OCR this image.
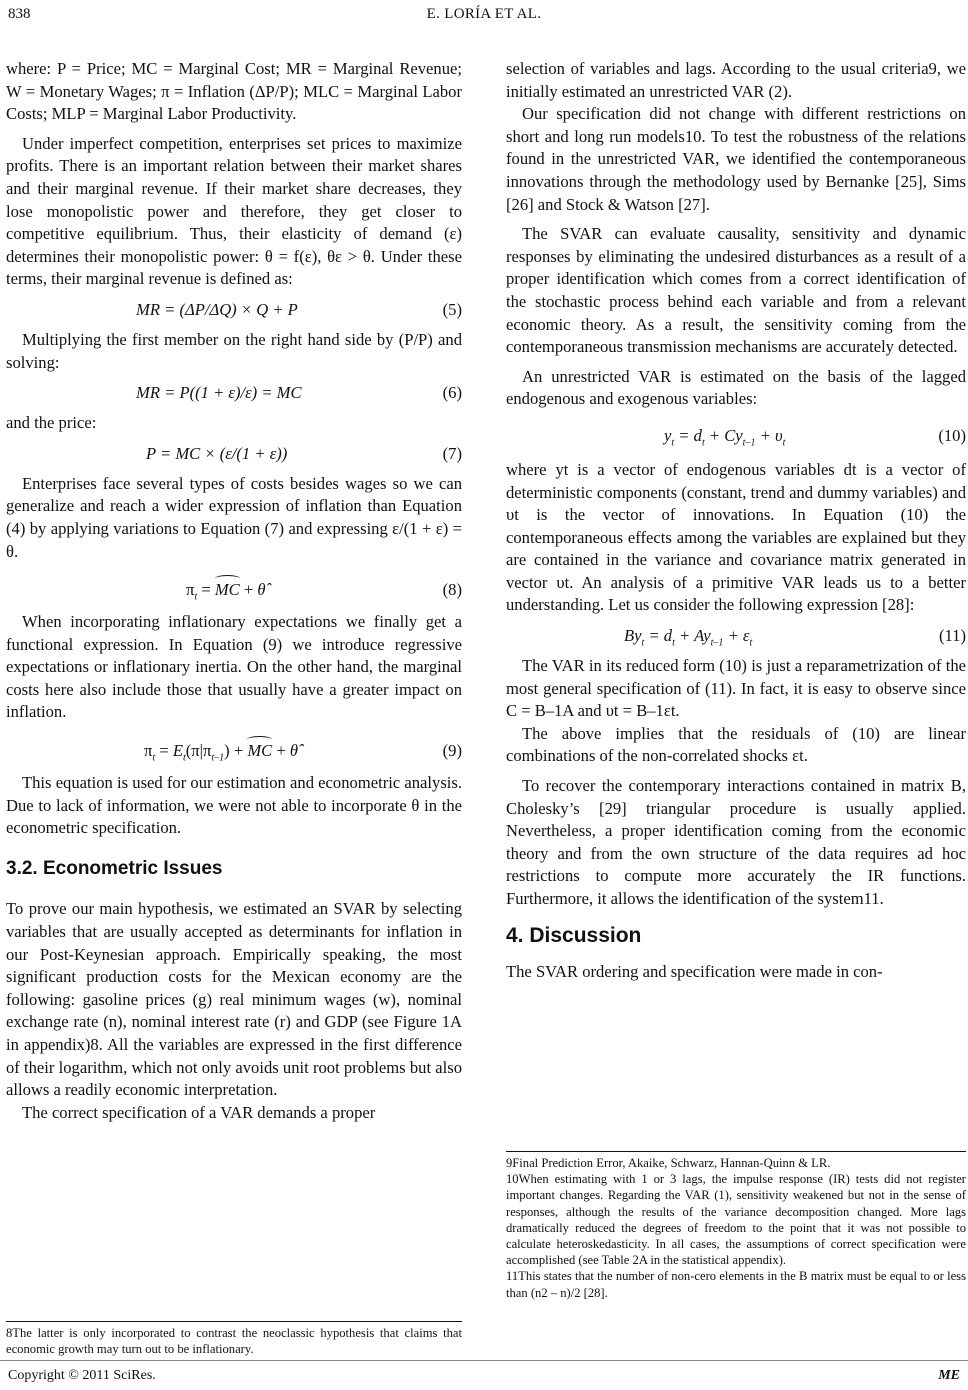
838	E. LORÍA ET AL.

where: P = Price; MC = Marginal Cost; MR = Marginal Revenue; W = Monetary Wages; π = Inflation (ΔP/P); MLC = Marginal Labor Costs; MLP = Marginal Labor Productivity.

Under imperfect competition, enterprises set prices to maximize profits. There is an important relation between their market shares and their marginal revenue. If their market share decreases, they lose monopolistic power and therefore, they get closer to competitive equilibrium. Thus, their elasticity of demand (ε) determines their monopolistic power: θ = f(ε), θε > θ. Under these terms, their marginal revenue is defined as:

MR = (ΔP/ΔQ) × Q + P	(5)

Multiplying the first member on the right hand side by (P/P) and solving:

MR = P((1 + ε)/ε) = MC	(6)

and the price:

P = MC × (ε/(1 + ε))	(7)

Enterprises face several types of costs besides wages so we can generalize and reach a wider expression of inflation than Equation (4) by applying variations to Equation (7) and expressing ε/(1 + ε) = θ.

$\pi_t$ = MC + θ̂	(8)

When incorporating inflationary expectations we finally get a functional expression. In Equation (9) we introduce regressive expectations or inflationary inertia. On the other hand, the marginal costs here also include those that usually have a greater impact on inflation.

$\pi_t = E_t(\pi|\pi_{t-1})$ + MC + θ̂	(9)

This equation is used for our estimation and econometric analysis. Due to lack of information, we were not able to incorporate θ in the econometric specification.

3.2. Econometric Issues

To prove our main hypothesis, we estimated an SVAR by selecting variables that are usually accepted as determinants for inflation in our Post-Keynesian approach. Empirically speaking, the most significant production costs for the Mexican economy are the following: gasoline prices (g) real minimum wages (w), nominal exchange rate (n), nominal interest rate (r) and GDP (see Figure 1A in appendix)8. All the variables are expressed in the first difference of their logarithm, which not only avoids unit root problems but also allows a readily economic interpretation.

The correct specification of a VAR demands a proper

8The latter is only incorporated to contrast the neoclassic hypothesis that claims that economic growth may turn out to be inflationary.

selection of variables and lags. According to the usual criteria9, we initially estimated an unrestricted VAR (2).

Our specification did not change with different restrictions on short and long run models10. To test the robustness of the relations found in the unrestricted VAR, we identified the contemporaneous innovations through the methodology used by Bernanke [25], Sims [26] and Stock & Watson [27].

The SVAR can evaluate causality, sensitivity and dynamic responses by eliminating the undesired disturbances as a result of a proper identification which comes from a correct identification of the stochastic process behind each variable and from a relevant economic theory. As a result, the sensitivity coming from the contemporaneous transmission mechanisms are accurately detected.

An unrestricted VAR is estimated on the basis of the lagged endogenous and exogenous variables:

$y_t = d_t + Cy_{t-1} + \upsilon_t$	(10)

where yt is a vector of endogenous variables dt is a vector of deterministic components (constant, trend and dummy variables) and υt is the vector of innovations. In Equation (10) the contemporaneous effects among the variables are explained but they are contained in the variance and covariance matrix generated in vector υt. An analysis of a primitive VAR leads us to a better understanding. Let us consider the following expression [28]:

$By_t = d_t + Ay_{t-1} + \varepsilon_t$	(11)

The VAR in its reduced form (10) is just a reparametrization of the most general specification of (11). In fact, it is easy to observe since C = B–1A and υt = B–1εt.

The above implies that the residuals of (10) are linear combinations of the non-correlated shocks εt.

To recover the contemporary interactions contained in matrix B, Cholesky’s [29] triangular procedure is usually applied. Nevertheless, a proper identification coming from the economic theory and from the own structure of the data requires ad hoc restrictions to compute more accurately the IR functions. Furthermore, it allows the identification of the system11.

4. Discussion

The SVAR ordering and specification were made in con-

9Final Prediction Error, Akaike, Schwarz, Hannan-Quinn & LR.
10When estimating with 1 or 3 lags, the impulse response (IR) tests did not register important changes. Regarding the VAR (1), sensitivity weakened but not in the sense of responses, although the results of the variance decomposition changed. More lags dramatically reduced the degrees of freedom to the point that it was not possible to calculate heteroskedasticity. In all cases, the assumptions of correct specification were accomplished (see Table 2A in the statistical appendix).
11This states that the number of non-cero elements in the B matrix must be equal to or less than (n2 – n)/2 [28].
Copyright © 2011 SciRes.	ME
